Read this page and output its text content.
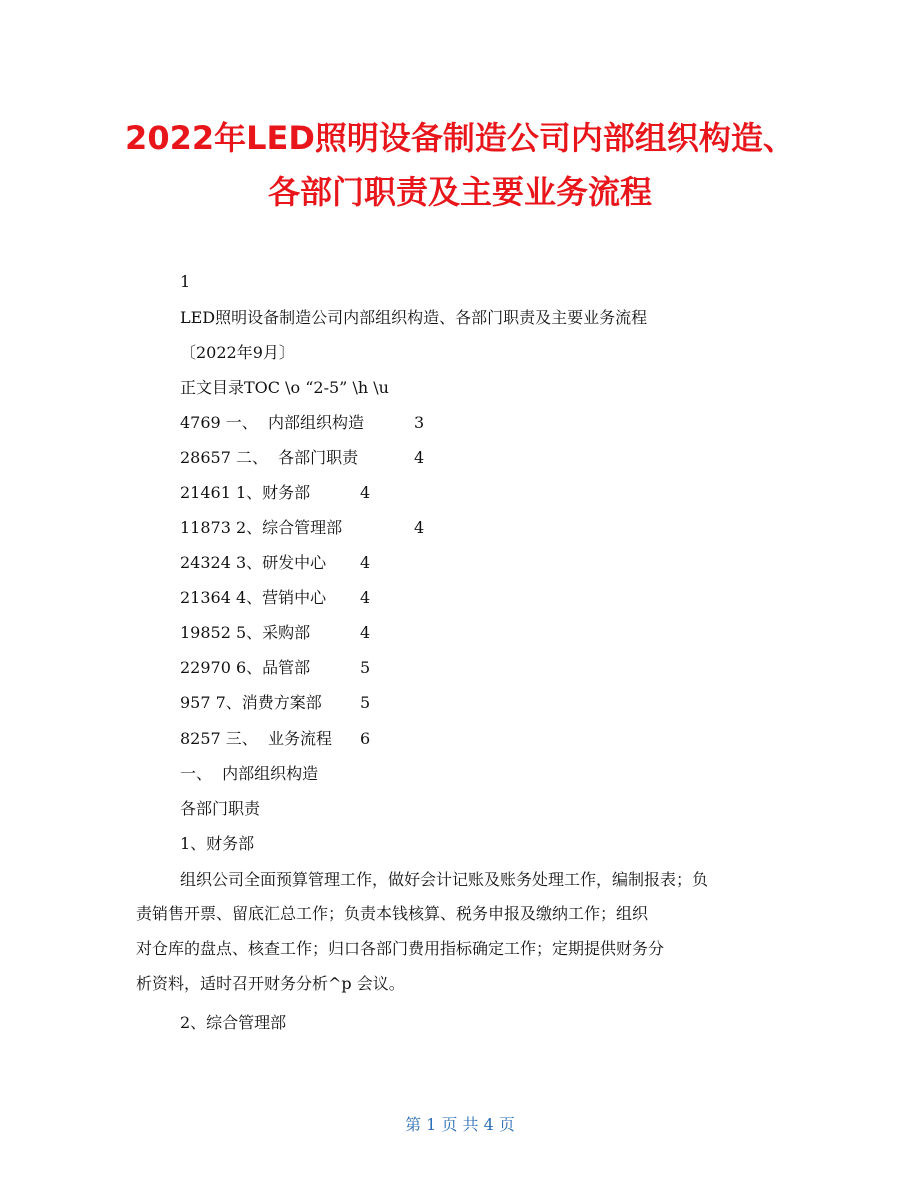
2022年LED照明设备制造公司内部组织构造、
各部门职责及主要业务流程
1
LED照明设备制造公司内部组织构造、各部门职责及主要业务流程
〔2022年9月〕
正文目录TOC \o “2-5” \h \u
4769 一、  内部组织构造	3
28657 二、  各部门职责	4
21461 1、财务部	4
11873 2、综合管理部	4
24324 3、研发中心 4
21364 4、营销中心 4
19852 5、采购部	4
22970 6、品管部	5
957 7、消费方案部 5
8257 三、  业务流程 6
一、  内部组织构造
各部门职责
1、财务部
组织公司全面预算管理工作，做好会计记账及账务处理工作，编制报表；负
责销售开票、留底汇总工作；负责本钱核算、税务申报及缴纳工作；组织
对仓库的盘点、核查工作；归口各部门费用指标确定工作；定期提供财务分
析资料，适时召开财务分析^p 会议。
2、综合管理部
第 1 页 共 4 页
